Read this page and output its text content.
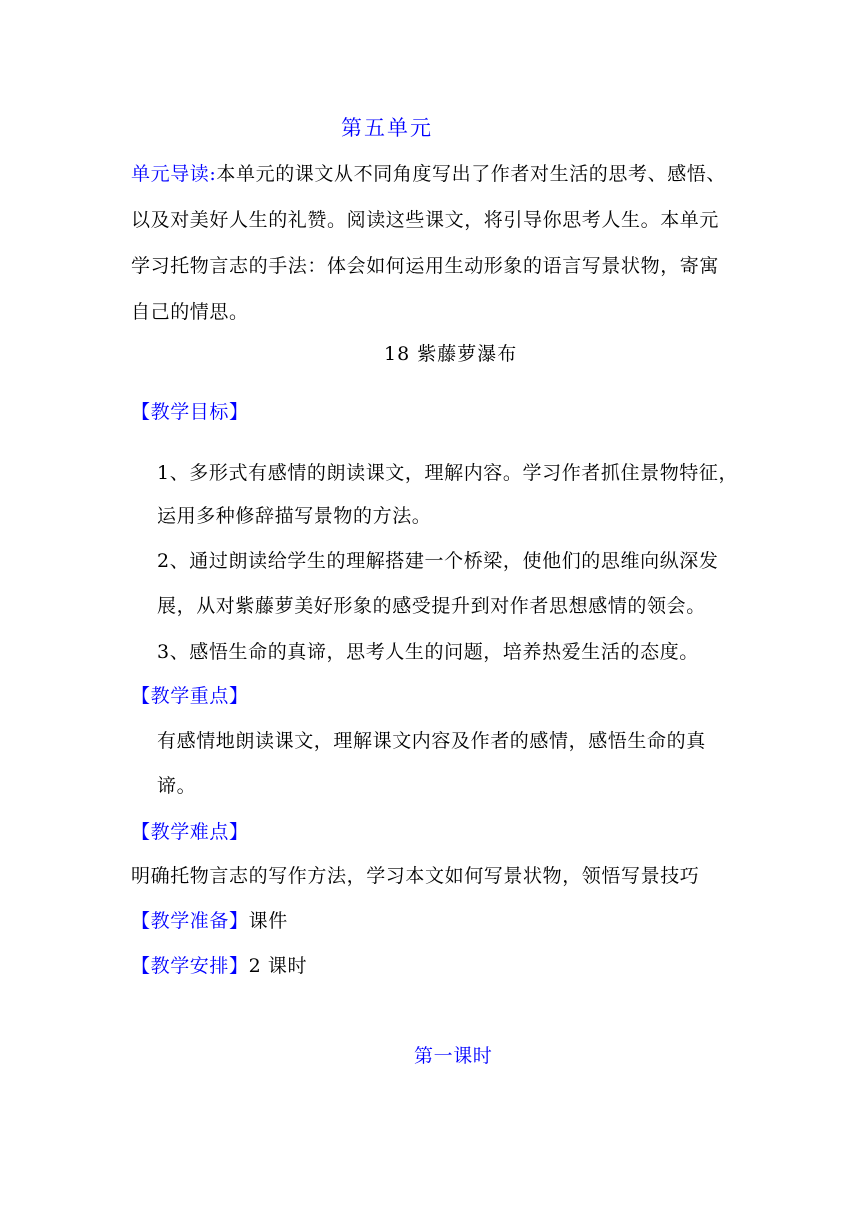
第五单元
单元导读:本单元的课文从不同角度写出了作者对生活的思考、感悟、
以及对美好人生的礼赞。阅读这些课文，将引导你思考人生。本单元
学习托物言志的手法：体会如何运用生动形象的语言写景状物，寄寓
自己的情思。
18 紫藤萝瀑布
【教学目标】
1、多形式有感情的朗读课文，理解内容。学习作者抓住景物特征，
运用多种修辞描写景物的方法。
2、通过朗读给学生的理解搭建一个桥梁，使他们的思维向纵深发
展，从对紫藤萝美好形象的感受提升到对作者思想感情的领会。
3、感悟生命的真谛，思考人生的问题，培养热爱生活的态度。
【教学重点】
有感情地朗读课文，理解课文内容及作者的感情，感悟生命的真
谛。
【教学难点】
明确托物言志的写作方法，学习本文如何写景状物，领悟写景技巧
【教学准备】课件
【教学安排】2 课时
第一课时
